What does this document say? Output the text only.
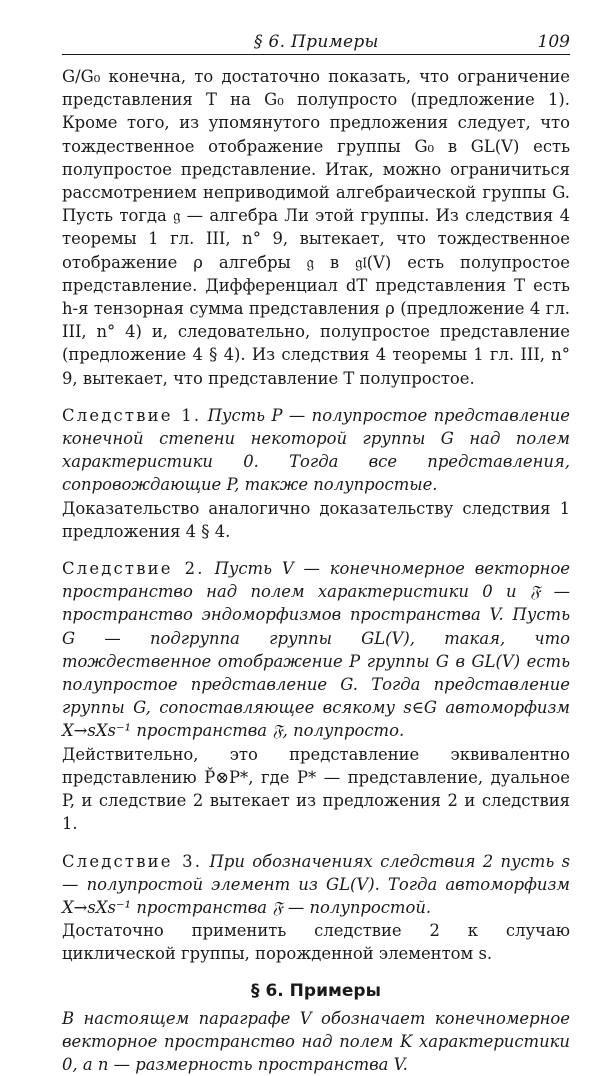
§ 6. Примеры	109

G/G₀ конечна, то достаточно показать, что ограничение представления T на G₀ полупросто (предложение 1). Кроме того, из упомянутого предложения следует, что тождественное отображение группы G₀ в GL(V) есть полупростое представление. Итак, можно ограничиться рассмотрением неприводимой алгебраической группы G. Пусть тогда 𝔤 — алгебра Ли этой группы. Из следствия 4 теоремы 1 гл. III, n° 9, вытекает, что тождественное отображение ρ алгебры 𝔤 в 𝔤𝔩(V) есть полупростое представление. Дифференциал dT представления T есть h-я тензорная сумма представления ρ (предложение 4 гл. III, n° 4) и, следовательно, полупростое представление (предложение 4 § 4). Из следствия 4 теоремы 1 гл. III, n° 9, вытекает, что представление T полупростое.

Следствие 1. Пусть P — полупростое представление конечной степени некоторой группы G над полем характеристики 0. Тогда все представления, сопровождающие P, также полупростые.

Доказательство аналогично доказательству следствия 1 предложения 4 § 4.

Следствие 2. Пусть V — конечномерное векторное пространство над полем характеристики 0 и 𝔉 — пространство эндоморфизмов пространства V. Пусть G — подгруппа группы GL(V), такая, что тождественное отображение P группы G в GL(V) есть полупростое представление G. Тогда представление группы G, сопоставляющее всякому s∈G автоморфизм X→sXs⁻¹ пространства 𝔉, полупросто.

Действительно, это представление эквивалентно представлению P̌⊗P*, где P* — представление, дуальное P, и следствие 2 вытекает из предложения 2 и следствия 1.

Следствие 3. При обозначениях следствия 2 пусть s — полупростой элемент из GL(V). Тогда автоморфизм X→sXs⁻¹ пространства 𝔉 — полупростой.

Достаточно применить следствие 2 к случаю циклической группы, порожденной элементом s.

§ 6. Примеры

В настоящем параграфе V обозначает конечномерное векторное пространство над полем K характеристики 0, а n — размерность пространства V.
